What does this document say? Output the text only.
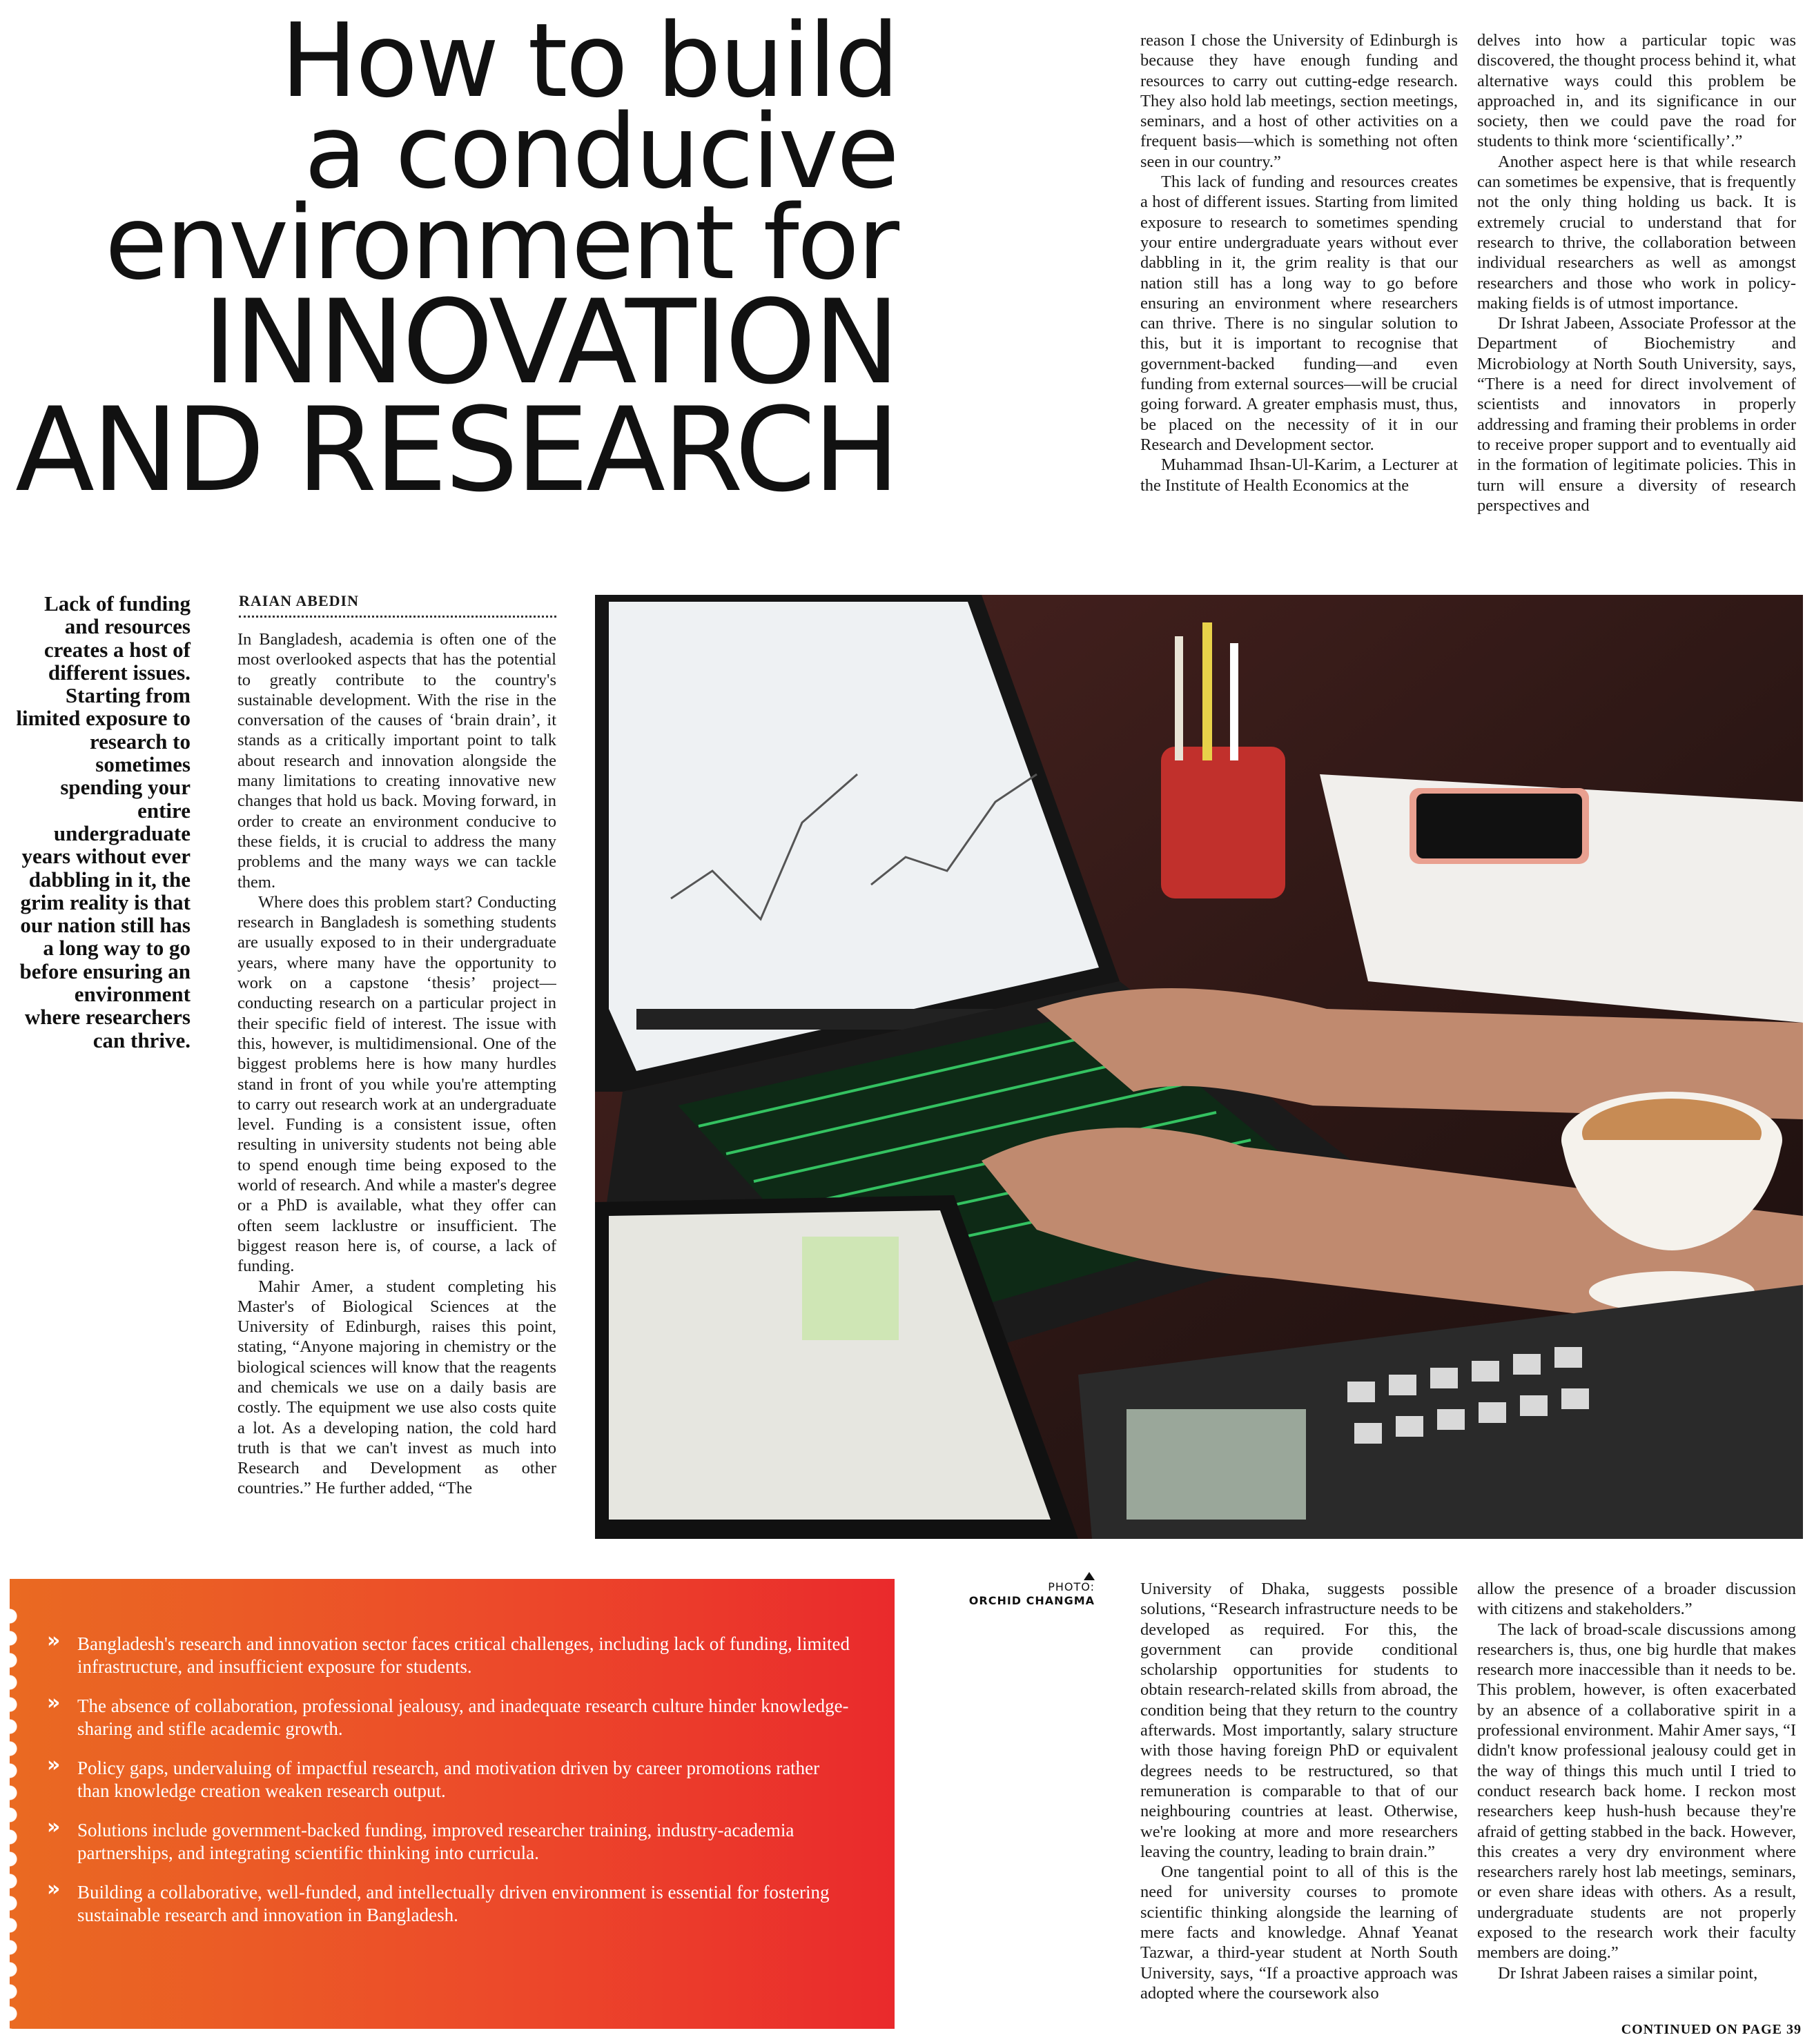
How to build
a conducive
environment for
INNOVATION
AND RESEARCH

reason I chose the University of Edinburgh is because they have enough funding and resources to carry out cutting-edge research. They also hold lab meetings, section meetings, seminars, and a host of other activities on a frequent basis—which is something not often seen in our country.”

This lack of funding and resources creates a host of different issues. Starting from limited exposure to research to sometimes spending your entire undergraduate years without ever dabbling in it, the grim reality is that our nation still has a long way to go before ensuring an environment where researchers can thrive. There is no singular solution to this, but it is important to recognise that government-backed funding—and even funding from external sources—will be crucial going forward. A greater emphasis must, thus, be placed on the necessity of it in our Research and Development sector.

Muhammad Ihsan-Ul-Karim, a Lecturer at the Institute of Health Economics at the

delves into how a particular topic was discovered, the thought process behind it, what alternative ways could this problem be approached in, and its significance in our society, then we could pave the road for students to think more ‘scientifically’.”

Another aspect here is that while research can sometimes be expensive, that is frequently not the only thing holding us back. It is extremely crucial to understand that for research to thrive, the collaboration between individual researchers as well as amongst researchers and those who work in policy-making fields is of utmost importance.

Dr Ishrat Jabeen, Associate Professor at the Department of Biochemistry and Microbiology at North South University, says, “There is a need for direct involvement of scientists and innovators in properly addressing and framing their problems in order to receive proper support and to eventually aid in the formation of legitimate policies. This in turn will ensure a diversity of research perspectives and

Lack of funding and resources creates a host of different issues. Starting from limited exposure to research to sometimes spending your entire undergraduate years without ever dabbling in it, the grim reality is that our nation still has a long way to go before ensuring an environment where researchers can thrive.
RAIAN ABEDIN

In Bangladesh, academia is often one of the most overlooked aspects that has the potential to greatly contribute to the country's sustainable development. With the rise in the conversation of the causes of ‘brain drain’, it stands as a critically important point to talk about research and innovation alongside the many limitations to creating innovative new changes that hold us back. Moving forward, in order to create an environment conducive to these fields, it is crucial to address the many problems and the many ways we can tackle them.

Where does this problem start? Conducting research in Bangladesh is something students are usually exposed to in their undergraduate years, where many have the opportunity to work on a capstone ‘thesis’ project—conducting research on a particular project in their specific field of interest. The issue with this, however, is multidimensional. One of the biggest problems here is how many hurdles stand in front of you while you're attempting to carry out research work at an undergraduate level. Funding is a consistent issue, often resulting in university students not being able to spend enough time being exposed to the world of research. And while a master's degree or a PhD is available, what they offer can often seem lacklustre or insufficient. The biggest reason here is, of course, a lack of funding.

Mahir Amer, a student completing his Master's of Biological Sciences at the University of Edinburgh, raises this point, stating, “Anyone majoring in chemistry or the biological sciences will know that the reagents and chemicals we use on a daily basis are costly. The equipment we use also costs quite a lot. As a developing nation, the cold hard truth is that we can't invest as much into Research and Development as other countries.” He further added, “The

PHOTO:
ORCHID CHANGMA
» Bangladesh's research and innovation sector faces critical challenges, including lack of funding, limited infrastructure, and insufficient exposure for students.
» The absence of collaboration, professional jealousy, and inadequate research culture hinder knowledge-sharing and stifle academic growth.
» Policy gaps, undervaluing of impactful research, and motivation driven by career promotions rather than knowledge creation weaken research output.
» Solutions include government-backed funding, improved researcher training, industry-academia partnerships, and integrating scientific thinking into curricula.
» Building a collaborative, well-funded, and intellectually driven environment is essential for fostering sustainable research and innovation in Bangladesh.

University of Dhaka, suggests possible solutions, “Research infrastructure needs to be developed as required. For this, the government can provide conditional scholarship opportunities for students to obtain research-related skills from abroad, the condition being that they return to the country afterwards. Most importantly, salary structure with those having foreign PhD or equivalent degrees needs to be restructured, so that remuneration is comparable to that of our neighbouring countries at least. Otherwise, we're looking at more and more researchers leaving the country, leading to brain drain.”

One tangential point to all of this is the need for university courses to promote scientific thinking alongside the learning of mere facts and knowledge. Ahnaf Yeanat Tazwar, a third-year student at North South University, says, “If a proactive approach was adopted where the coursework also

allow the presence of a broader discussion with citizens and stakeholders.”

The lack of broad-scale discussions among researchers is, thus, one big hurdle that makes research more inaccessible than it needs to be. This problem, however, is often exacerbated by an absence of a collaborative spirit in a professional environment. Mahir Amer says, “I didn't know professional jealousy could get in the way of things this much until I tried to conduct research back home. I reckon most researchers keep hush-hush because they're afraid of getting stabbed in the back. However, this creates a very dry environment where researchers rarely host lab meetings, seminars, or even share ideas with others. As a result, undergraduate students are not properly exposed to the research work their faculty members are doing.”

Dr Ishrat Jabeen raises a similar point,

CONTINUED ON PAGE 39
